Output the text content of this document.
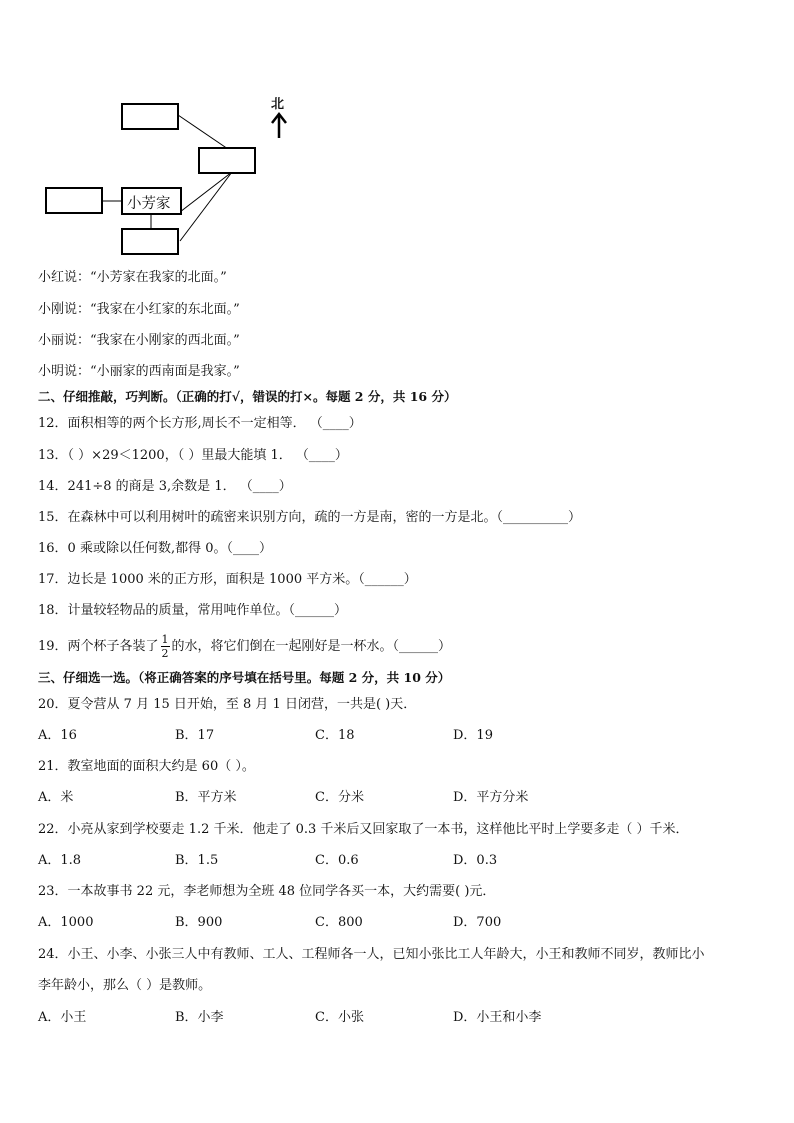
小芳家
北
小红说：“小芳家在我家的北面。”
小刚说：“我家在小红家的东北面。”
小丽说：“我家在小刚家的西北面。”
小明说：“小丽家的西南面是我家。”
二、仔细推敲，巧判断。（正确的打√，错误的打×。每题 2 分，共 16 分）
12．面积相等的两个长方形,周长不一定相等． （____）
13．（ ）×29＜1200，（ ）里最大能填 1． （____）
14．241÷8 的商是 3,余数是 1． （____）
15．在森林中可以利用树叶的疏密来识别方向，疏的一方是南，密的一方是北。（__________）
16．0 乘或除以任何数,都得 0。（____）
17．边长是 1000 米的正方形，面积是 1000 平方米。（______）
18．计量较轻物品的质量，常用吨作单位。（______）
19．两个杯子各装了 $\frac{1}{2}$ 的水，将它们倒在一起刚好是一杯水。（______）
三、仔细选一选。（将正确答案的序号填在括号里。每题 2 分，共 10 分）
20．夏令营从 7 月 15 日开始，至 8 月 1 日闭营，一共是( )天．
A．16	B．17	C．18	D．19
21．教室地面的面积大约是 60（ ）。
A．米	B．平方米	C．分米	D．平方分米
22．小亮从家到学校要走 1.2 千米．他走了 0.3 千米后又回家取了一本书，这样他比平时上学要多走（ ）千米．
A．1.8	B．1.5	C．0.6	D．0.3
23．一本故事书 22 元，李老师想为全班 48 位同学各买一本，大约需要( )元．
A．1000	B．900	C．800	D．700
24．小王、小李、小张三人中有教师、工人、工程师各一人，已知小张比工人年龄大，小王和教师不同岁，教师比小
李年龄小，那么（ ）是教师。
A．小王	B．小李	C．小张	D．小王和小李
